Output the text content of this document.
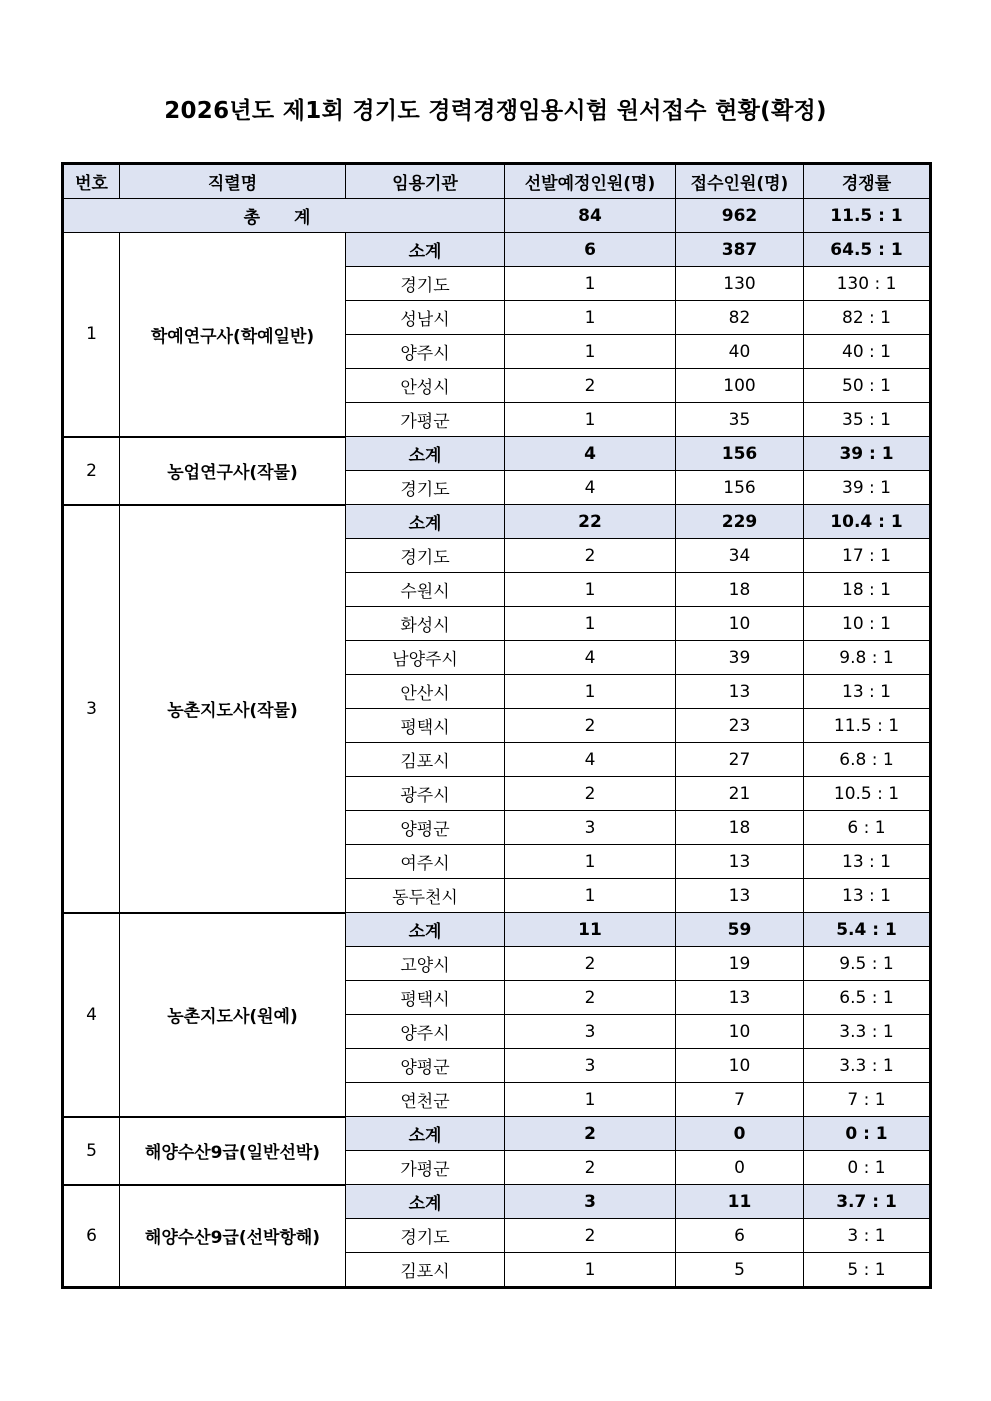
2026년도 제1회 경기도 경력경쟁임용시험 원서접수 현황(확정)
번호	직렬명	임용기관	선발예정인원(명)	접수인원(명)	경쟁률
총 계			84	962	11.5 : 1
1	학예연구사(학예일반)	소계	6	387	64.5 : 1
		경기도	1	130	130 : 1
		성남시	1	82	82 : 1
		양주시	1	40	40 : 1
		안성시	2	100	50 : 1
		가평군	1	35	35 : 1
2	농업연구사(작물)	소계	4	156	39 : 1
		경기도	4	156	39 : 1
3	농촌지도사(작물)	소계	22	229	10.4 : 1
		경기도	2	34	17 : 1
		수원시	1	18	18 : 1
		화성시	1	10	10 : 1
		남양주시	4	39	9.8 : 1
		안산시	1	13	13 : 1
		평택시	2	23	11.5 : 1
		김포시	4	27	6.8 : 1
		광주시	2	21	10.5 : 1
		양평군	3	18	6 : 1
		여주시	1	13	13 : 1
		동두천시	1	13	13 : 1
4	농촌지도사(원예)	소계	11	59	5.4 : 1
		고양시	2	19	9.5 : 1
		평택시	2	13	6.5 : 1
		양주시	3	10	3.3 : 1
		양평군	3	10	3.3 : 1
		연천군	1	7	7 : 1
5	해양수산9급(일반선박)	소계	2	0	0 : 1
		가평군	2	0	0 : 1
6	해양수산9급(선박항해)	소계	3	11	3.7 : 1
		경기도	2	6	3 : 1
		김포시	1	5	5 : 1
